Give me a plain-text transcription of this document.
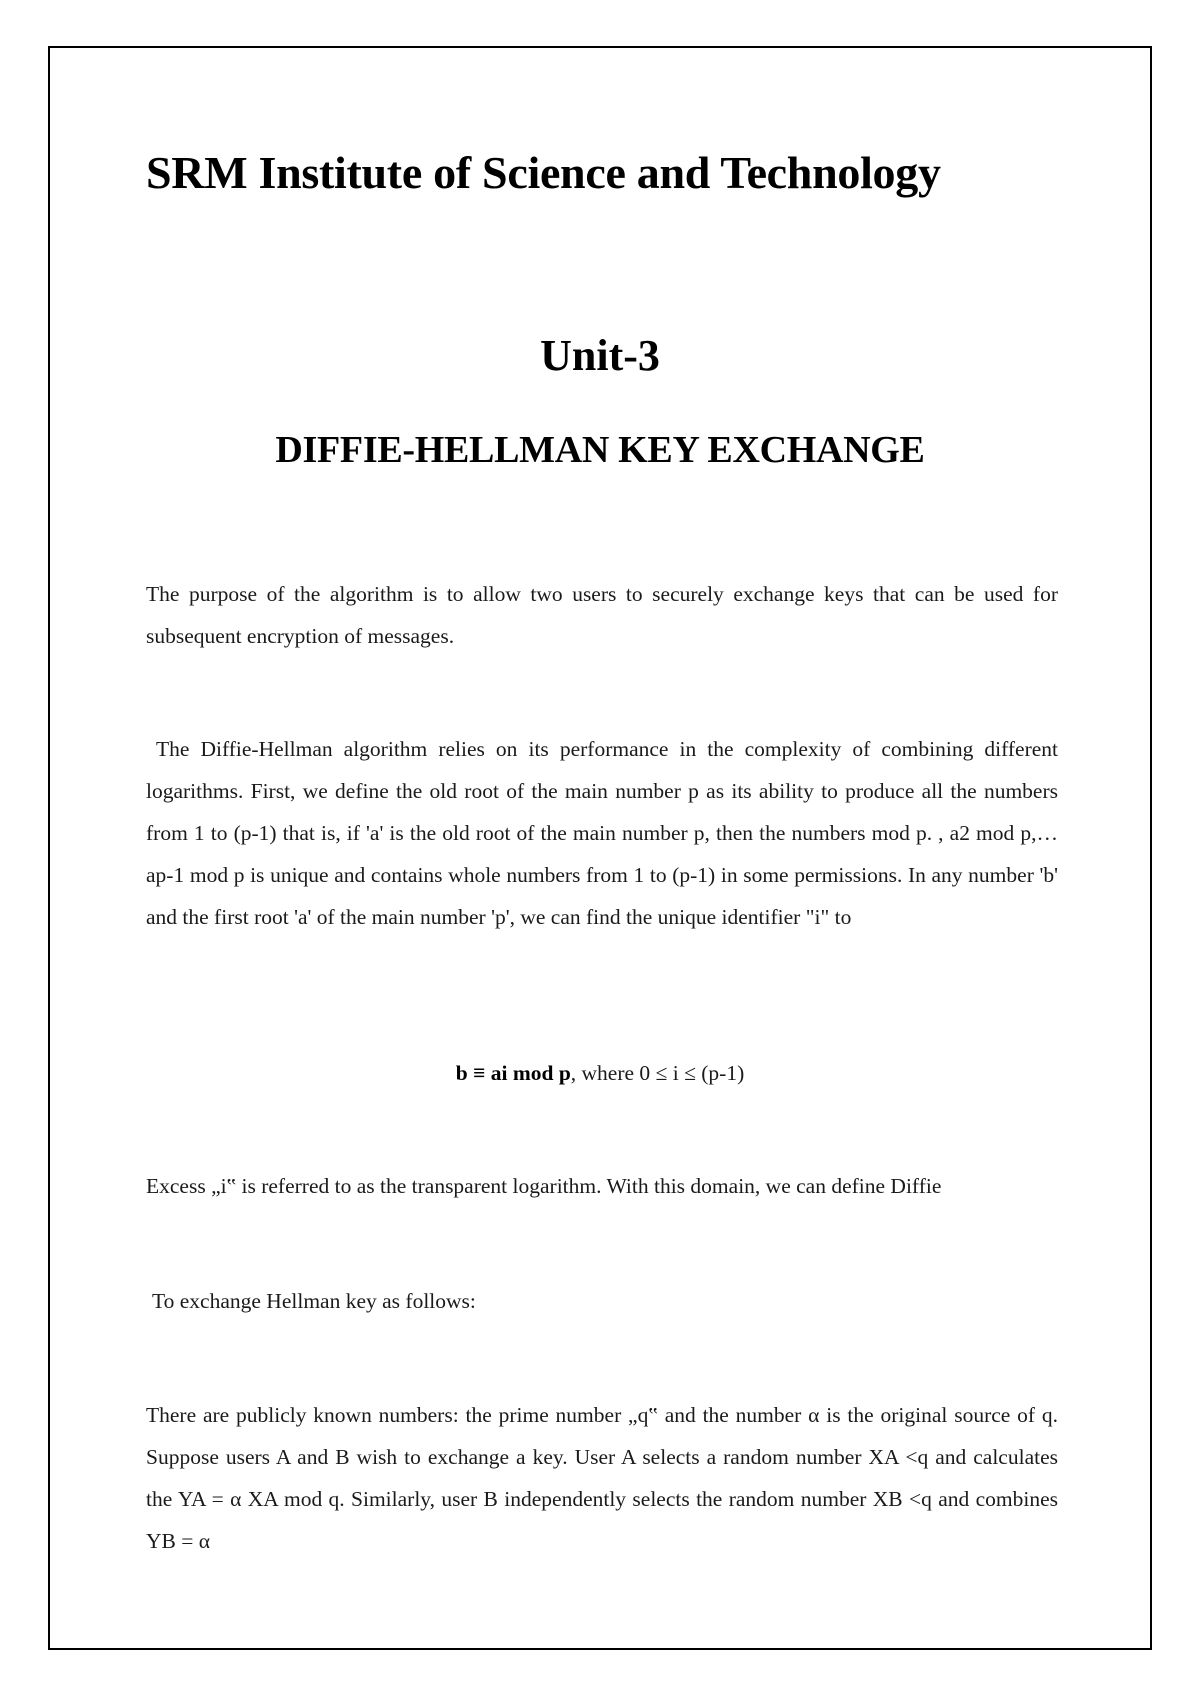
SRM Institute of Science and Technology
Unit-3
DIFFIE-HELLMAN KEY EXCHANGE

The purpose of the algorithm is to allow two users to securely exchange keys that can be used for subsequent encryption of messages.

The Diffie-Hellman algorithm relies on its performance in the complexity of combining different logarithms. First, we define the old root of the main number p as its ability to produce all the numbers from 1 to (p-1) that is, if 'a' is the old root of the main number p, then the numbers mod p. , a2 mod p,… ap-1 mod p is unique and contains whole numbers from 1 to (p-1) in some permissions. In any number 'b' and the first root 'a' of the main number 'p', we can find the unique identifier "i" to

b ≡ ai mod p, where 0 ≤ i ≤ (p-1)

Excess „i‟ is referred to as the transparent logarithm. With this domain, we can define Diffie

To exchange Hellman key as follows:

There are publicly known numbers: the prime number „q‟ and the number α is the original source of q. Suppose users A and B wish to exchange a key. User A selects a random number XA <q and calculates the YA = α XA mod q. Similarly, user B independently selects the random number XB <q and combines YB = α
